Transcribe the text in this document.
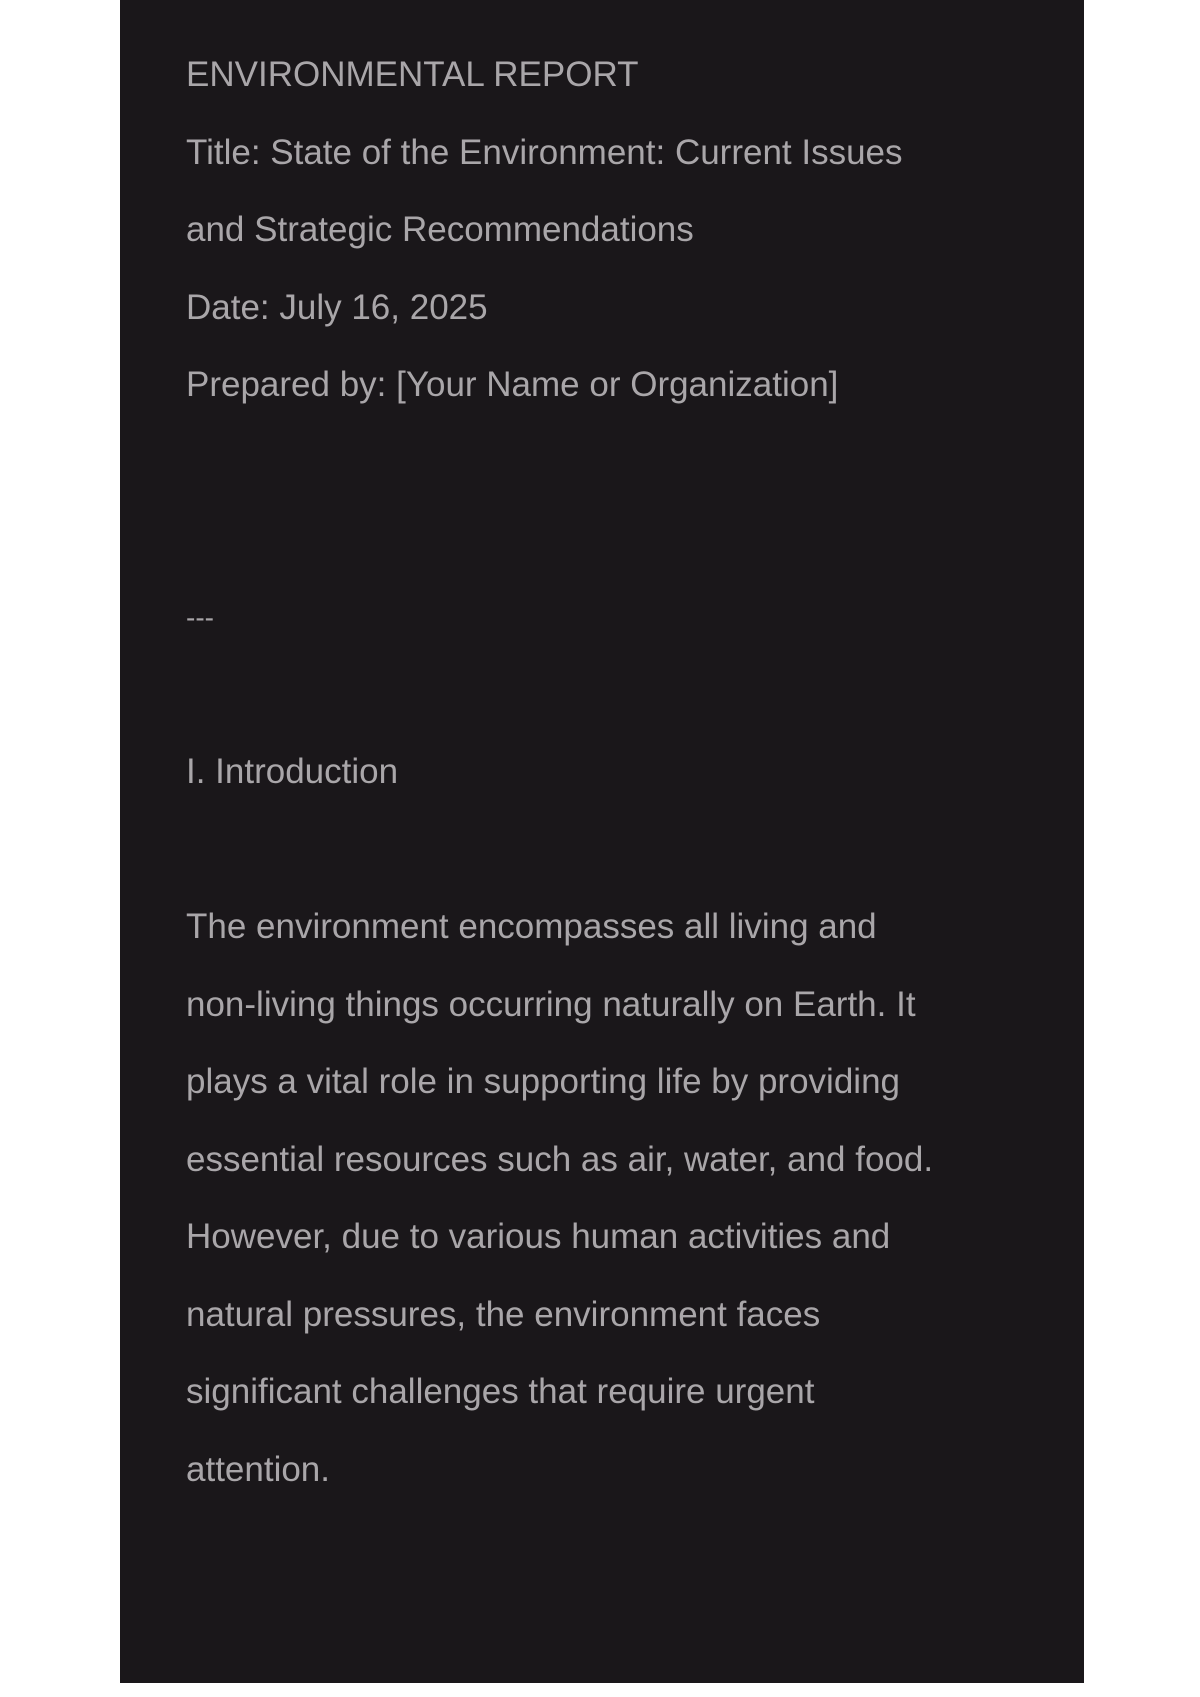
ENVIRONMENTAL REPORT
Title: State of the Environment: Current Issues
and Strategic Recommendations
Date: July 16, 2025
Prepared by: [Your Name or Organization]
---
I. Introduction
The environment encompasses all living and
non-living things occurring naturally on Earth. It
plays a vital role in supporting life by providing
essential resources such as air, water, and food.
However, due to various human activities and
natural pressures, the environment faces
significant challenges that require urgent
attention.
